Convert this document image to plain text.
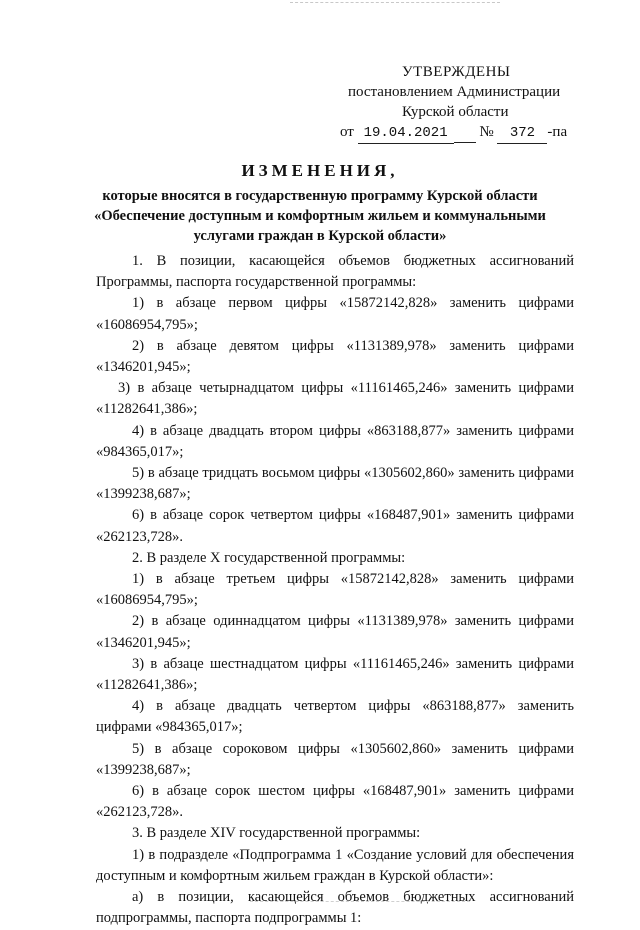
УТВЕРЖДЕНЫ
постановлением Администрации
Курской области
от 19.04.2021 № 372 -па
ИЗМЕНЕНИЯ,
которые вносятся в государственную программу Курской области
«Обеспечение доступным и комфортным жильем и коммунальными
услугами граждан в Курской области»

1. В позиции, касающейся объемов бюджетных ассигнований Программы, паспорта государственной программы:

1) в абзаце первом цифры «15872142,828» заменить цифрами «16086954,795»;

2) в абзаце девятом цифры «1131389,978» заменить цифрами «1346201,945»;

3) в абзаце четырнадцатом цифры «11161465,246» заменить цифрами «11282641,386»;

4) в абзаце двадцать втором цифры «863188,877» заменить цифрами «984365,017»;

5) в абзаце тридцать восьмом цифры «1305602,860» заменить цифрами «1399238,687»;

6) в абзаце сорок четвертом цифры «168487,901» заменить цифрами «262123,728».

2. В разделе X государственной программы:

1) в абзаце третьем цифры «15872142,828» заменить цифрами «16086954,795»;

2) в абзаце одиннадцатом цифры «1131389,978» заменить цифрами «1346201,945»;

3) в абзаце шестнадцатом цифры «11161465,246» заменить цифрами «11282641,386»;

4) в абзаце двадцать четвертом цифры «863188,877» заменить цифрами «984365,017»;

5) в абзаце сороковом цифры «1305602,860» заменить цифрами «1399238,687»;

6) в абзаце сорок шестом цифры «168487,901» заменить цифрами «262123,728».

3. В разделе XIV государственной программы:

1) в подразделе «Подпрограмма 1 «Создание условий для обеспечения доступным и комфортным жильем граждан в Курской области»:

а) в позиции, касающейся объемов бюджетных ассигнований подпрограммы, паспорта подпрограммы 1:
